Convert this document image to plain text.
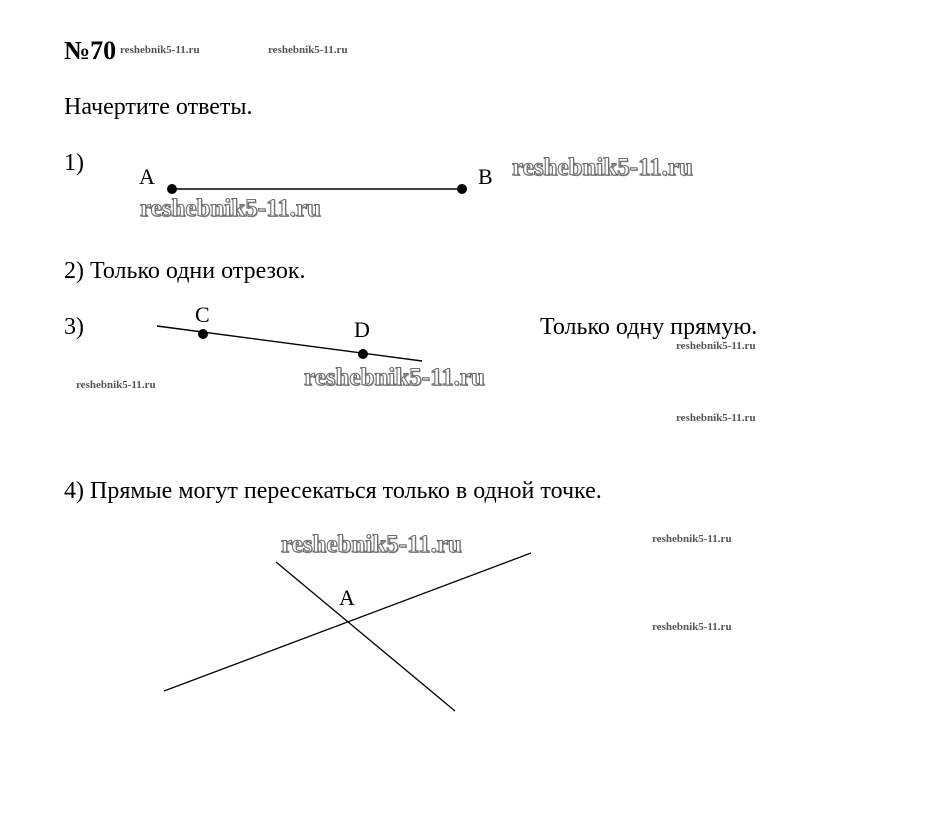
№70 reshebnik5-11.ru	reshebnik5-11.ru
Начертите ответы.
1)
2) Только одни отрезок.
3)	Только одну прямую.
4) Прямые могут пересекаться только в одной точке.
A	B
C
D
A
reshebnik5-11.ru
reshebnik5-11.ru
reshebnik5-11.ru
reshebnik5-11.ru
reshebnik5-11.ru
reshebnik5-11.ru
reshebnik5-11.ru
reshebnik5-11.ru
reshebnik5-11.ru
